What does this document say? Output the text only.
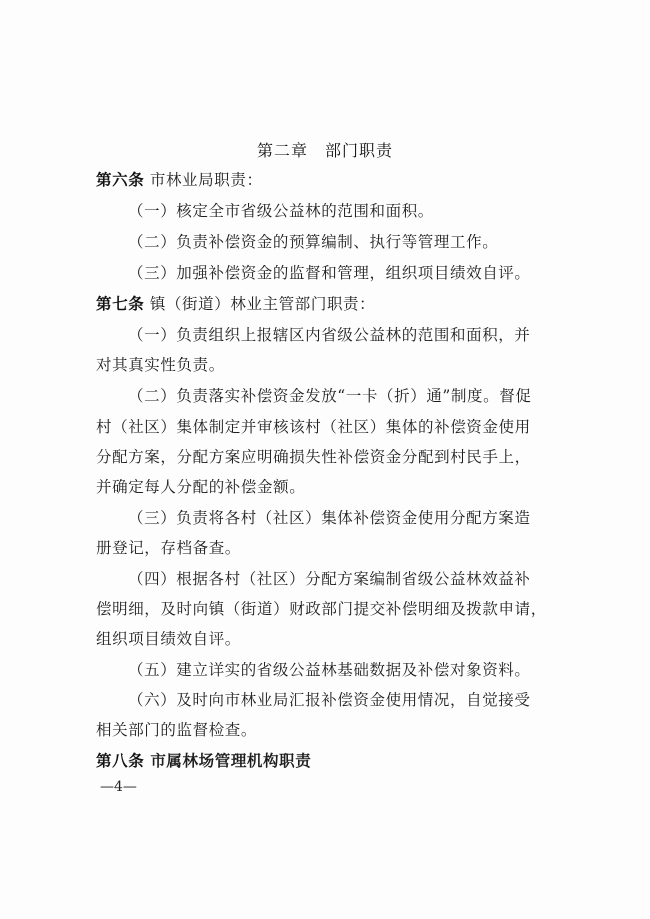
第二章　部门职责
第六条 市林业局职责：
（一）核定全市省级公益林的范围和面积。
（二）负责补偿资金的预算编制、执行等管理工作。
（三）加强补偿资金的监督和管理，组织项目绩效自评。
第七条 镇（街道）林业主管部门职责：
（一）负责组织上报辖区内省级公益林的范围和面积，并
对其真实性负责。
（二）负责落实补偿资金发放“一卡（折）通”制度。督促
村（社区）集体制定并审核该村（社区）集体的补偿资金使用
分配方案，分配方案应明确损失性补偿资金分配到村民手上，
并确定每人分配的补偿金额。
（三）负责将各村（社区）集体补偿资金使用分配方案造
册登记，存档备查。
（四）根据各村（社区）分配方案编制省级公益林效益补
偿明细，及时向镇（街道）财政部门提交补偿明细及拨款申请，
组织项目绩效自评。
（五）建立详实的省级公益林基础数据及补偿对象资料。
（六）及时向市林业局汇报补偿资金使用情况，自觉接受
相关部门的监督检查。
第八条 市属林场管理机构职责
—4—
